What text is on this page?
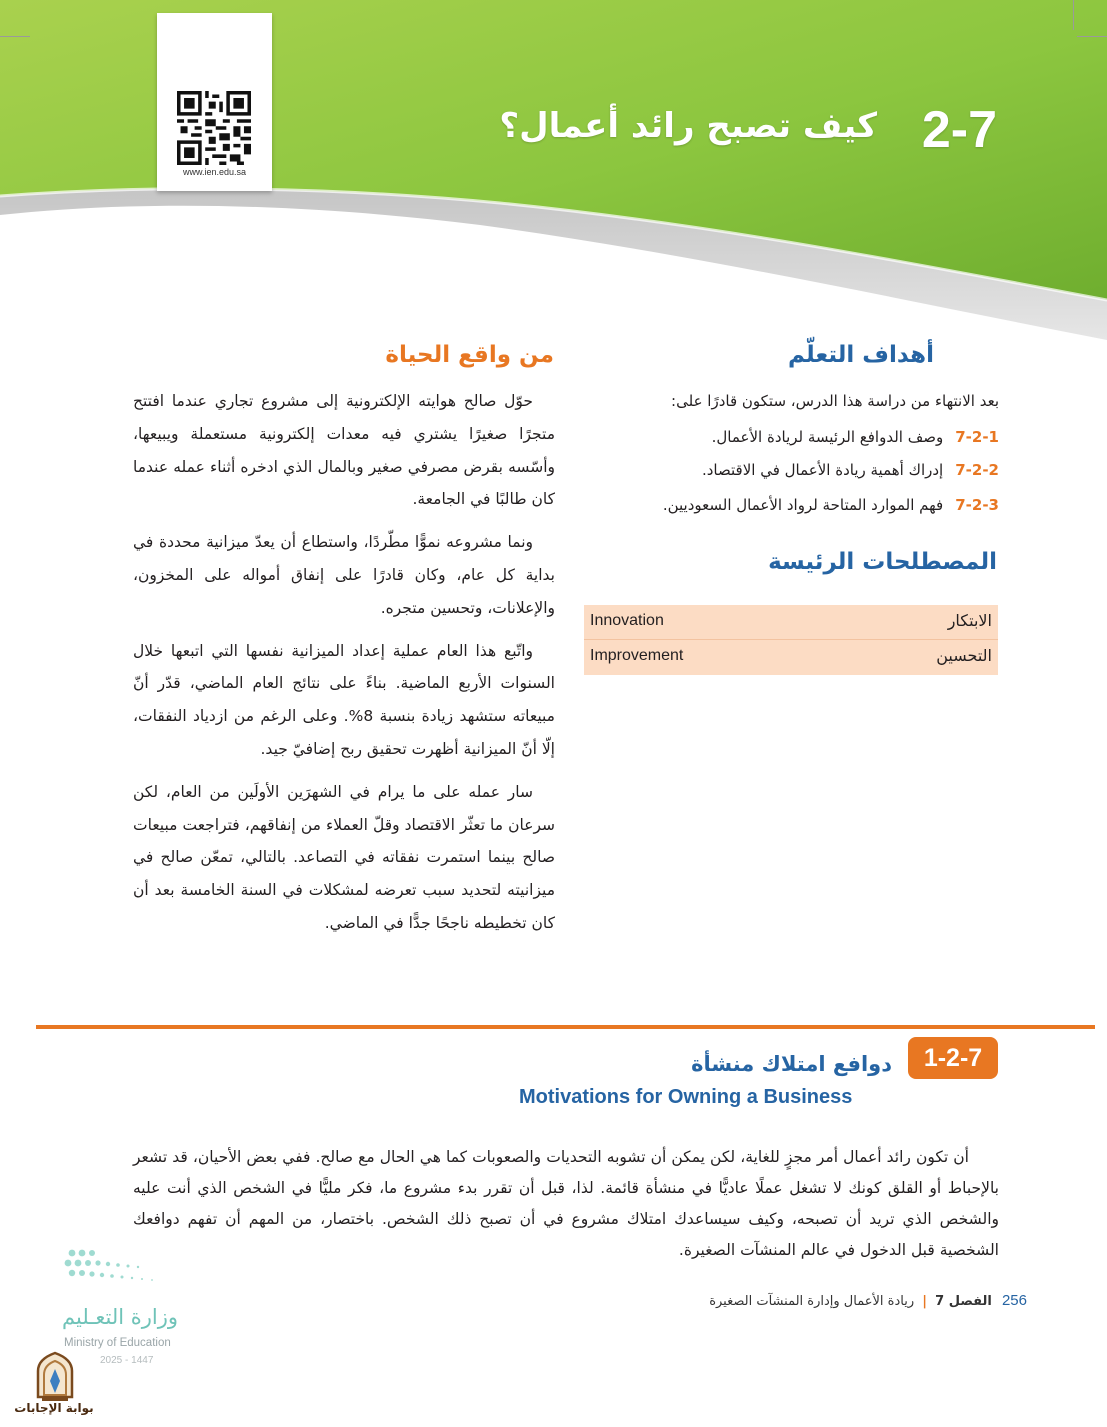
www.ien.edu.sa
كيف تصبح رائد أعمال؟ 2-7
أهداف التعلّم
بعد الانتهاء من دراسة هذا الدرس، ستكون قادرًا على:
7-2-1وصف الدوافع الرئيسة لريادة الأعمال.
7-2-2إدراك أهمية ريادة الأعمال في الاقتصاد.
7-2-3فهم الموارد المتاحة لرواد الأعمال السعوديين.
المصطلحات الرئيسة
الابتكار
Innovation
التحسين
Improvement
من واقع الحياة

حوّل صالح هوايته الإلكترونية إلى مشروع تجاري عندما افتتح متجرًا صغيرًا يشتري فيه معدات إلكترونية مستعملة ويبيعها، وأسّسه بقرض مصرفي صغير وبالمال الذي ادخره أثناء عمله عندما كان طالبًا في الجامعة.

ونما مشروعه نموًّا مطّردًا، واستطاع أن يعدّ ميزانية محددة في بداية كل عام، وكان قادرًا على إنفاق أمواله على المخزون، والإعلانات، وتحسين متجره.

واتّبع هذا العام عملية إعداد الميزانية نفسها التي اتبعها خلال السنوات الأربع الماضية. بناءً على نتائج العام الماضي، قدّر أنّ مبيعاته ستشهد زيادة بنسبة 8%. وعلى الرغم من ازدياد النفقات، إلّا أنّ الميزانية أظهرت تحقيق ربح إضافيّ جيد.

سار عمله على ما يرام في الشهرَين الأولَين من العام، لكن سرعان ما تعثّر الاقتصاد وقلّ العملاء من إنفاقهم، فتراجعت مبيعات صالح بينما استمرت نفقاته في التصاعد. بالتالي، تمعّن صالح في ميزانيته لتحديد سبب تعرضه لمشكلات في السنة الخامسة بعد أن كان تخطيطه ناجحًا جدًّا في الماضي.

1-2-7
دوافع امتلاك منشأة
Motivations for Owning a Business

أن تكون رائد أعمال أمر مجزٍ للغاية، لكن يمكن أن تشوبه التحديات والصعوبات كما هي الحال مع صالح. ففي بعض الأحيان، قد تشعر بالإحباط أو القلق كونك لا تشغل عملًا عاديًّا في منشأة قائمة. لذا، قبل أن تقرر بدء مشروع ما، فكر مليًّا في الشخص الذي أنت عليه والشخص الذي تريد أن تصبحه، وكيف سيساعدك امتلاك مشروع في أن تصبح ذلك الشخص. باختصار، من المهم أن تفهم دوافعك الشخصية قبل الدخول في عالم المنشآت الصغيرة.

وزارة التعـليم
Ministry of Education
2025 - 1447
بوابة الإجابات
256 الفصل 7 | ريادة الأعمال وإدارة المنشآت الصغيرة
